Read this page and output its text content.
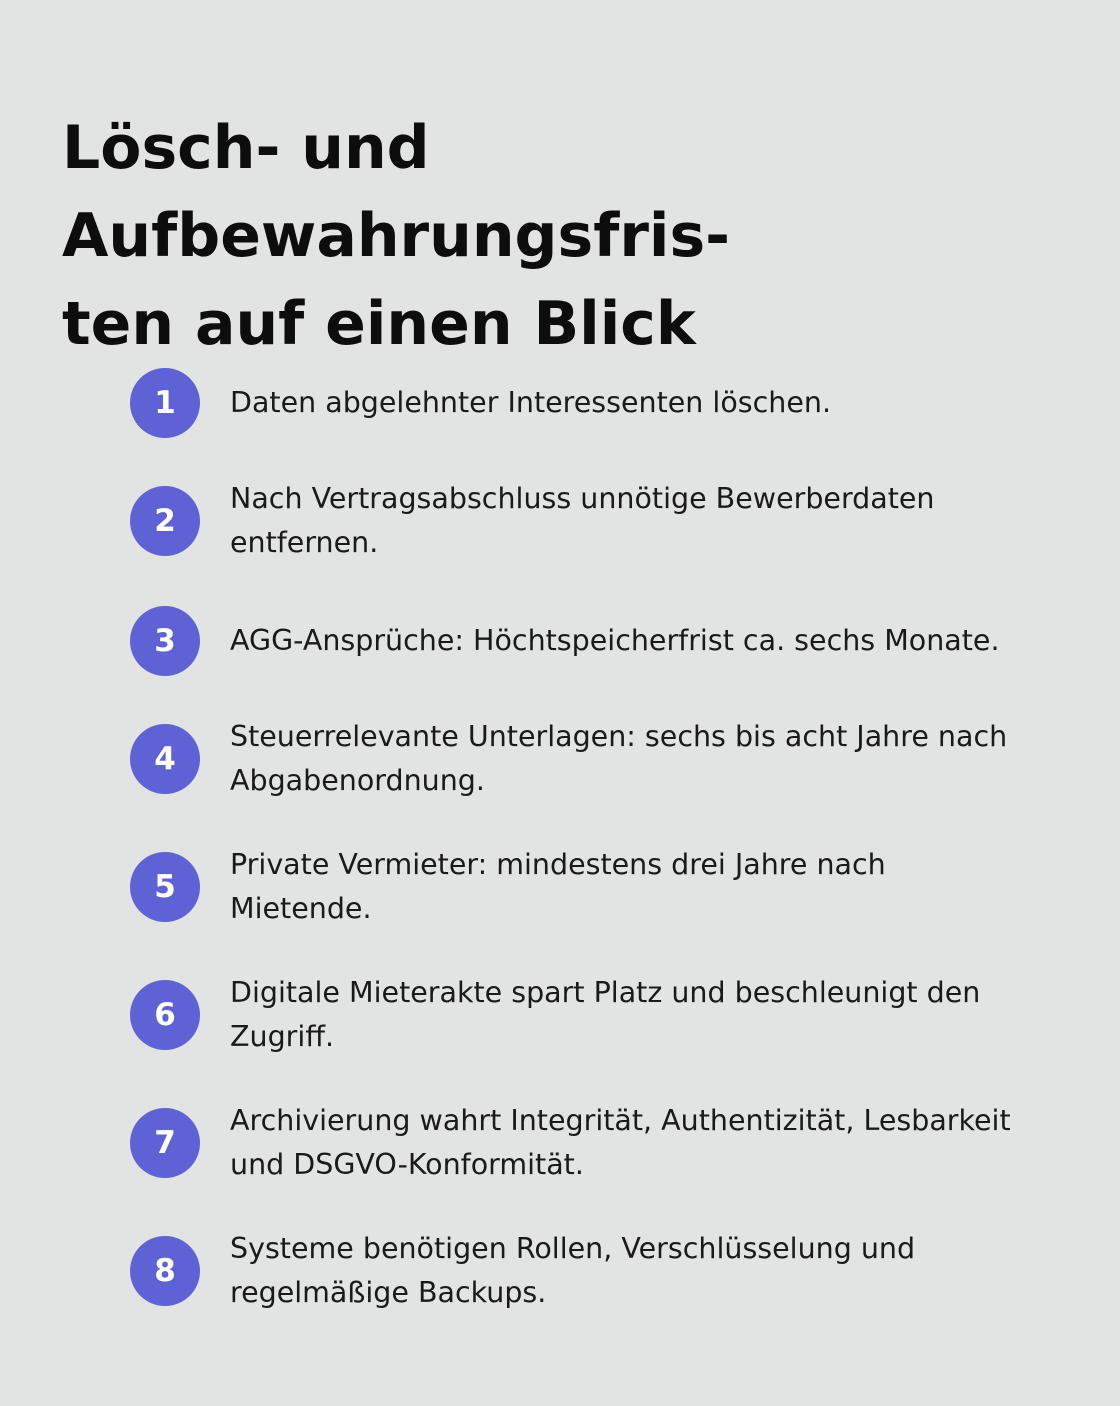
Lösch- und Aufbewahrungsfris-
ten auf einen Blick
1	Daten abgelehnter Interessenten löschen.
2
Nach Vertragsabschluss unnötige Bewerberdaten
entfernen.
3	AGG-Ansprüche: Höchtspeicherfrist ca. sechs Monate.
4
Steuerrelevante Unterlagen: sechs bis acht Jahre nach
Abgabenordnung.
5
Private Vermieter: mindestens drei Jahre nach
Mietende.
6
Digitale Mieterakte spart Platz und beschleunigt den
Zugriff.
7
Archivierung wahrt Integrität, Authentizität, Lesbarkeit
und DSGVO-Konformität.
8
Systeme benötigen Rollen, Verschlüsselung und
regelmäßige Backups.
